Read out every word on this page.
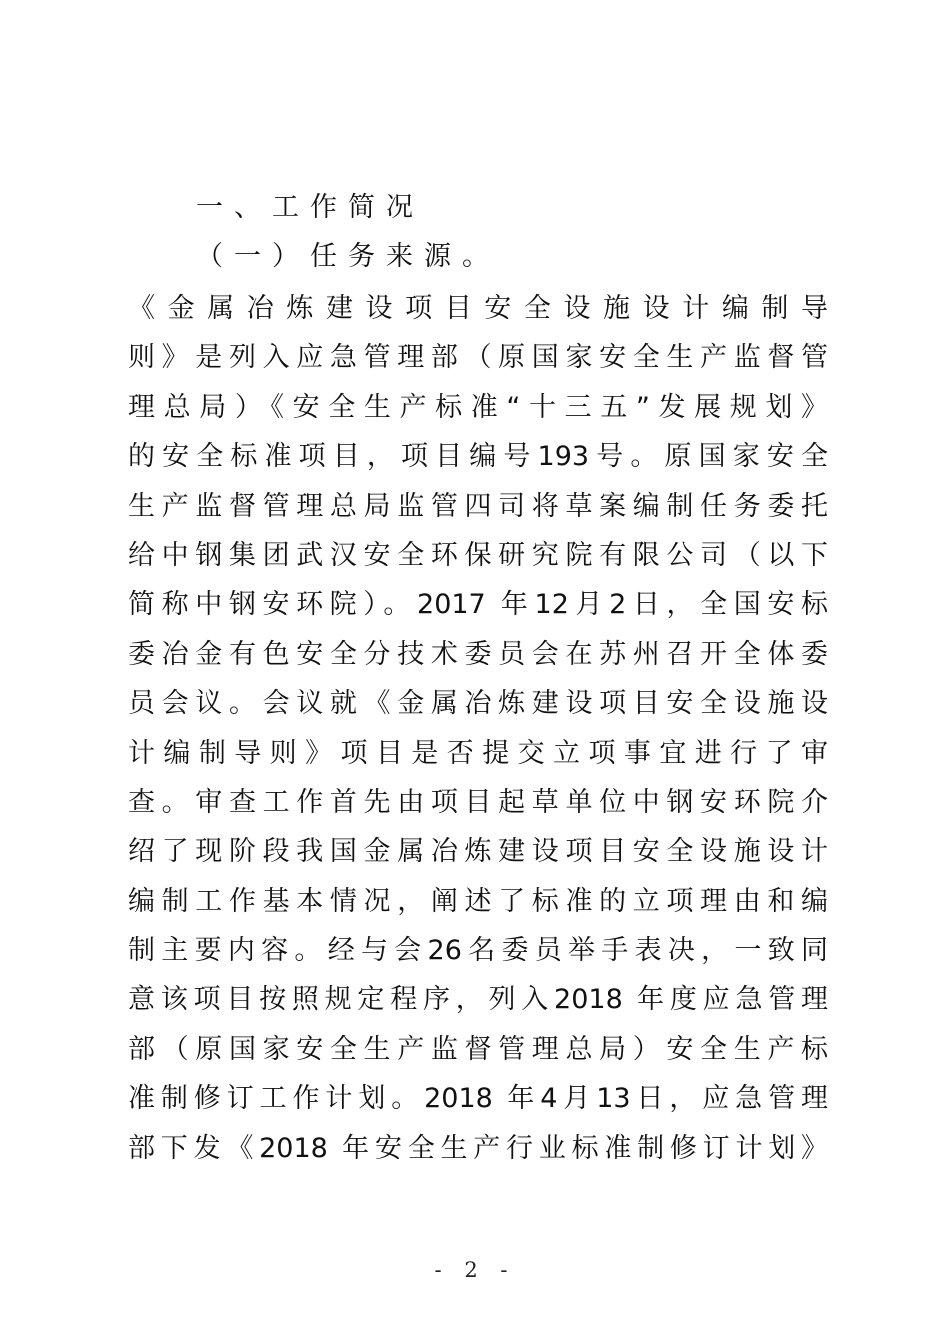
一、工作简况
（一）任务来源。
《金属冶炼建设项目安全设施设计编制导
则》是列入应急管理部（原国家安全生产监督管
理总局）《安全生产标准“十三五”发展规划》
的安全标准项目，项目编号193号。原国家安全
生产监督管理总局监管四司将草案编制任务委托
给中钢集团武汉安全环保研究院有限公司（以下
简称中钢安环院）。2017 年12月2日，全国安标
委冶金有色安全分技术委员会在苏州召开全体委
员会议。会议就《金属冶炼建设项目安全设施设
计编制导则》项目是否提交立项事宜进行了审
查。审查工作首先由项目起草单位中钢安环院介
绍了现阶段我国金属冶炼建设项目安全设施设计
编制工作基本情况，阐述了标准的立项理由和编
制主要内容。经与会26名委员举手表决，一致同
意该项目按照规定程序，列入2018 年度应急管理
部（原国家安全生产监督管理总局）安全生产标
准制修订工作计划。2018 年4月13日，应急管理
部下发《2018 年安全生产行业标准制修订计划》
- 2 -
